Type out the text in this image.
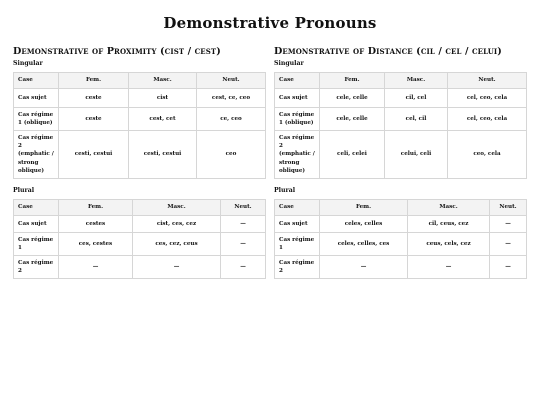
Demonstrative Pronouns
Demonstrative of Proximity (cist / cest)
Singular
Case	Fem.	Masc.	Neut.
Cas sujet	ceste	cist	cest, ce, ceo
Cas régime 1 (oblique)	ceste	cest, cet	ce, ceo
Cas régime 2 (emphatic / strong oblique)	cesti, cestui	cesti, cestui	ceo
Plural
Case	Fem.	Masc.	Neut.
Cas sujet	cestes	cist, ces, cez	—
Cas régime 1	ces, cestes	ces, cez, ceus	—
Cas régime 2	—	—	—
Demonstrative of Distance (cil / cel / celui)
Singular
Case	Fem.	Masc.	Neut.
Cas sujet	cele, celle	cil, cel	cel, ceo, cela
Cas régime 1 (oblique)	cele, celle	cel, cil	cel, ceo, cela
Cas régime 2 (emphatic / strong oblique)	celi, celei	celui, celi	ceo, cela
Plural
Case	Fem.	Masc.	Neut.
Cas sujet	celes, celles	cil, ceus, cez	—
Cas régime 1	celes, celles, ces	ceus, cels, cez	—
Cas régime 2	—	—	—
